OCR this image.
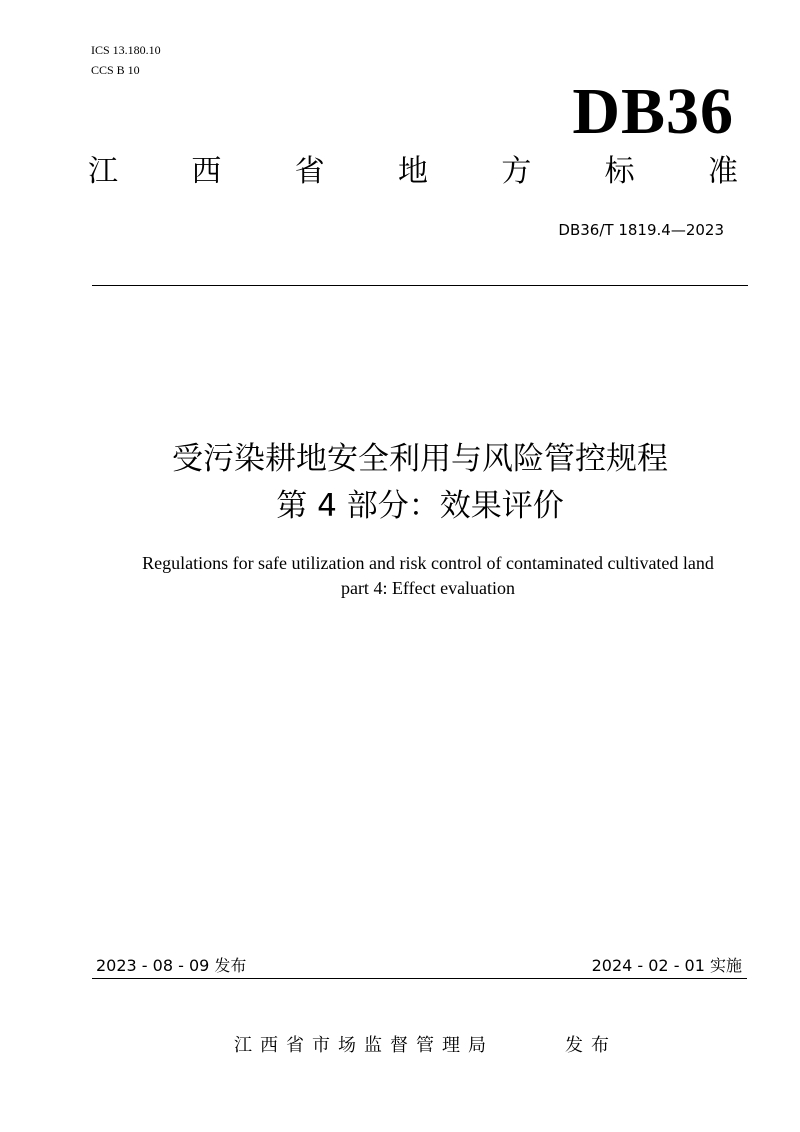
ICS 13.180.10
CCS B 10
DB36
江 西 省 地 方 标 准
DB36/T 1819.4—2023
受污染耕地安全利用与风险管控规程
第 4 部分：效果评价
Regulations for safe utilization and risk control of contaminated cultivated land
part 4: Effect evaluation
2023 - 08 - 09 发布	2024 - 02 - 01 实施
江西省市场监督管理局	发布
